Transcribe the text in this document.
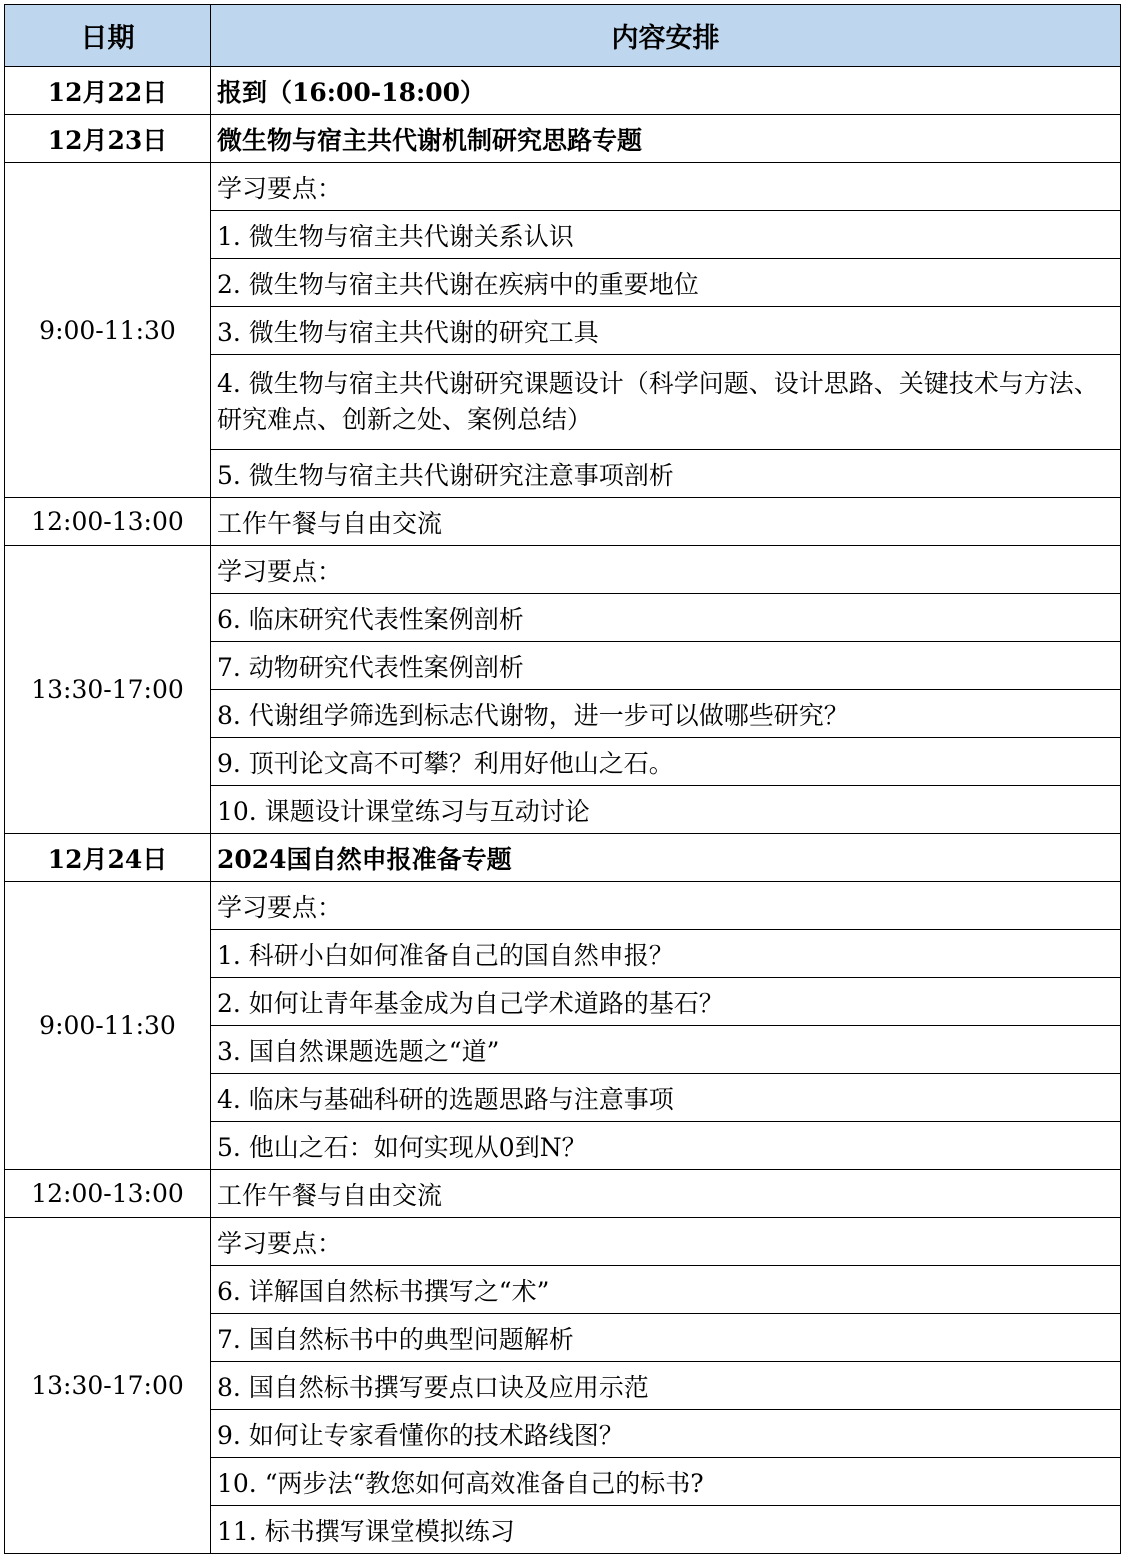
日期	内容安排
12月22日	报到（16:00-18:00）
12月23日	微生物与宿主共代谢机制研究思路专题
9:00-11:30	学习要点：
	1. 微生物与宿主共代谢关系认识
	2. 微生物与宿主共代谢在疾病中的重要地位
	3. 微生物与宿主共代谢的研究工具
	4. 微生物与宿主共代谢研究课题设计（科学问题、设计思路、关键技术与方法、研究难点、创新之处、案例总结）
	5. 微生物与宿主共代谢研究注意事项剖析
12:00-13:00	工作午餐与自由交流
13:30-17:00	学习要点：
	6. 临床研究代表性案例剖析
	7. 动物研究代表性案例剖析
	8. 代谢组学筛选到标志代谢物，进一步可以做哪些研究？
	9. 顶刊论文高不可攀？利用好他山之石。
	10. 课题设计课堂练习与互动讨论
12月24日	2024国自然申报准备专题
9:00-11:30	学习要点：
	1. 科研小白如何准备自己的国自然申报？
	2. 如何让青年基金成为自己学术道路的基石？
	3. 国自然课题选题之“道”
	4. 临床与基础科研的选题思路与注意事项
	5. 他山之石：如何实现从0到N？
12:00-13:00	工作午餐与自由交流
13:30-17:00	学习要点：
	6. 详解国自然标书撰写之“术”
	7. 国自然标书中的典型问题解析
	8. 国自然标书撰写要点口诀及应用示范
	9. 如何让专家看懂你的技术路线图？
	10. “两步法“教您如何高效准备自己的标书?
	11. 标书撰写课堂模拟练习
